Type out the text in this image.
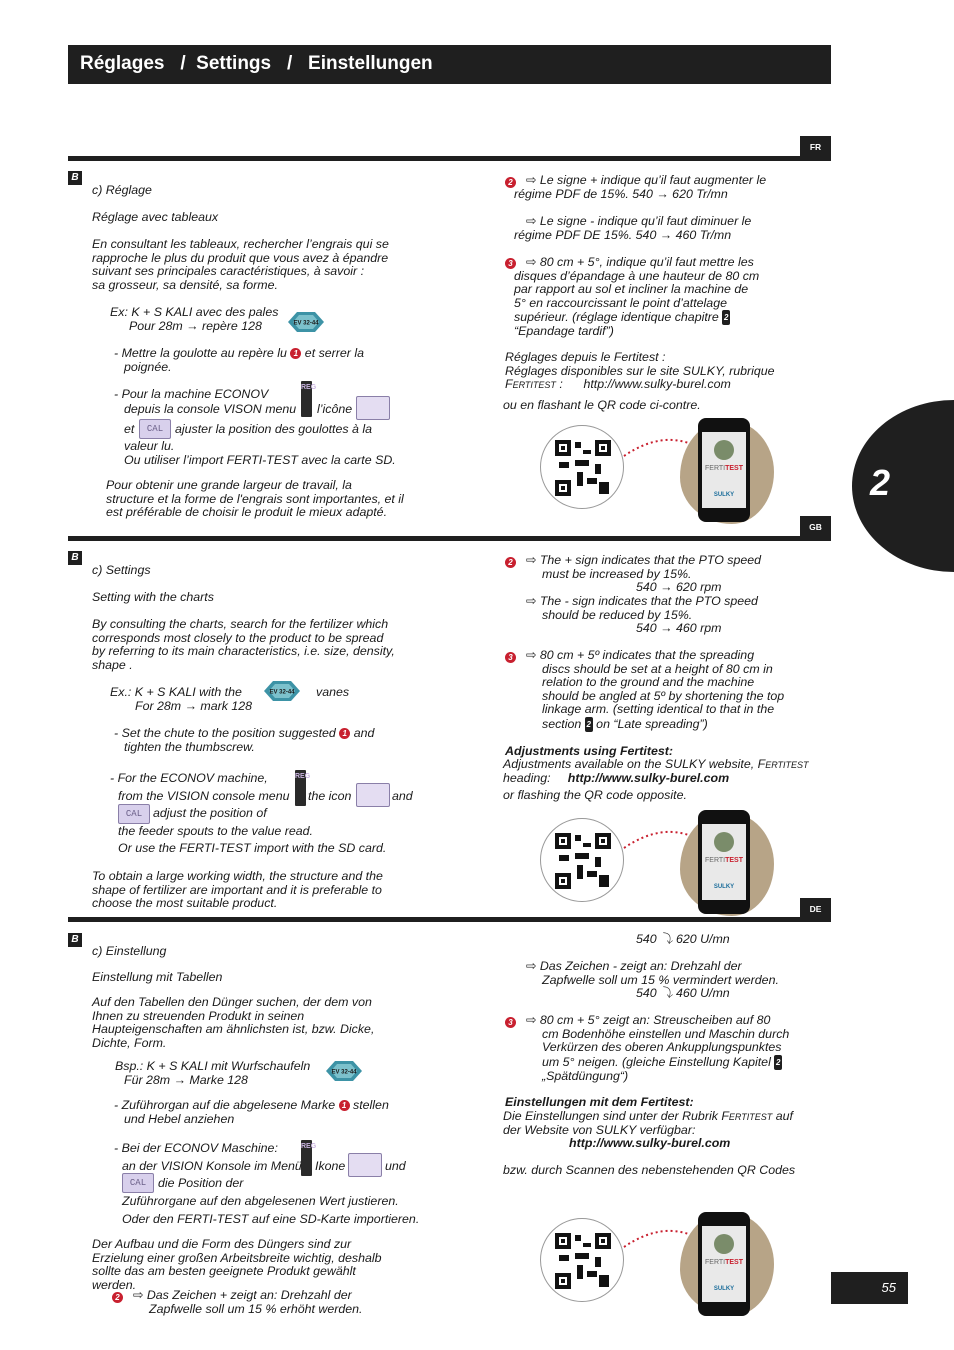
Réglages   /  Settings   /   Einstellungen
2
FR
B
c) Réglage
Réglage avec tableaux
En consultant les tableaux, rechercher l’engrais qui se
rapproche le plus du produit que vous avez à épandre
suivant ses principales caractéristiques, à savoir :
sa grosseur, sa densité, sa forme.
Ex: K + S KALI avec des pales
Pour 28m → repère 128	EV 32-44
- Mettre la goulotte au repère lu 1 et serrer la
poignée.
- Pour la machine ECONOV
depuis la console VISON menu
REG
l’icône
et	CAL ajuster la position des goulottes à la
valeur lu.
Ou utiliser l’import FERTI-TEST avec la carte SD.
Pour obtenir une grande largeur de travail, la
structure et la forme de l'engrais sont importantes, et il
est préférable de choisir le produit le mieux adapté.
2 ⇨ Le signe + indique qu’il faut augmenter le
régime PDF de 15%. 540 → 620 Tr/mn
⇨ Le signe - indique qu’il faut diminuer le
régime PDF DE 15%. 540 → 460 Tr/mn
3 ⇨ 80 cm + 5°, indique qu’il faut mettre les
disques d’épandage à une hauteur de 80 cm
par rapport au sol et incliner la machine de
5° en raccourcissant le point d’attelage
supérieur. (réglage identique chapitre 2
“Epandage tardif”)
Réglages depuis le Fertitest :
Réglages disponibles sur le site SULKY, rubrique
Fertitest : http://www.sulky-burel.com
ou en flashant le QR code ci-contre.
FERTITEST
SULKY
GB
B
c) Settings
Setting with the charts
By consulting the charts, search for the fertilizer which
corresponds most closely to the product to be spread
by referring to its main characteristics, i.e. size, density,
shape .
Ex.: K + S KALI with the	EV 32-44 vanes
For 28m → mark 128
- Set the chute to the position suggested 1 and
tighten the thumbscrew.
- For the ECONOV machine,	REG
from the VISION console menu the icon	and
CAL adjust the position of
the feeder spouts to the value read.
Or use the FERTI-TEST import with the SD card.
To obtain a large working width, the structure and the
shape of fertilizer are important and it is preferable to
choose the most suitable product.
2 ⇨ The + sign indicates that the PTO speed
must be increased by 15%.
540 → 620 rpm
⇨ The - sign indicates that the PTO speed
should be reduced by 15%.
540 → 460 rpm
3 ⇨ 80 cm + 5º indicates that the spreading
discs should be set at a height of 80 cm in
relation to the ground and the machine
should be angled at 5º by shortening the top
linkage arm. (setting identical to that in the
section 2 on “Late spreading”)
Adjustments using Fertitest:
Adjustments available on the SULKY website, Fertitest
heading: http://www.sulky-burel.com
or flashing the QR code opposite.
FERTITEST
SULKY
DE
B
c) Einstellung
Einstellung mit Tabellen
Auf den Tabellen den Dünger suchen, der dem von
Ihnen zu streuenden Produkt in seinen
Haupteigenschaften am ähnlichsten ist, bzw. Dicke,
Dichte, Form.
Bsp.: K + S KALI mit Wurfschaufeln
Für 28m → Marke 128	EV 32-44
- Zuführorgan auf die abgelesene Marke 1 stellen
und Hebel anziehen
- Bei der ECONOV Maschine:	REG
an der VISION Konsole im Menü Ikone	und
CAL die Position der
Zuführorgane auf den abgelesenen Wert justieren.
Oder den FERTI-TEST auf eine SD-Karte importieren.
Der Aufbau und die Form des Düngers sind zur
Erzielung einer großen Arbeitsbreite wichtig, deshalb
sollte das am besten geeignete Produkt gewählt
werden.
2 ⇨ Das Zeichen + zeigt an: Drehzahl der
Zapfwelle soll um 15 % erhöht werden.
540 ⤵ 620 U/mn
⇨ Das Zeichen - zeigt an: Drehzahl der
Zapfwelle soll um 15 % vermindert werden.
540 ⤵ 460 U/mn
3 ⇨ 80 cm + 5° zeigt an: Streuscheiben auf 80
cm Bodenhöhe einstellen und Maschin durch
Verkürzen des oberen Ankupplungspunktes
um 5° neigen. (gleiche Einstellung Kapitel 2
„Spätdüngung“)
Einstellungen mit dem Fertitest:
Die Einstellungen sind unter der Rubrik Fertitest auf
der Website von SULKY verfügbar:
http://www.sulky-burel.com
bzw. durch Scannen des nebenstehenden QR Codes
FERTITEST
SULKY	55
